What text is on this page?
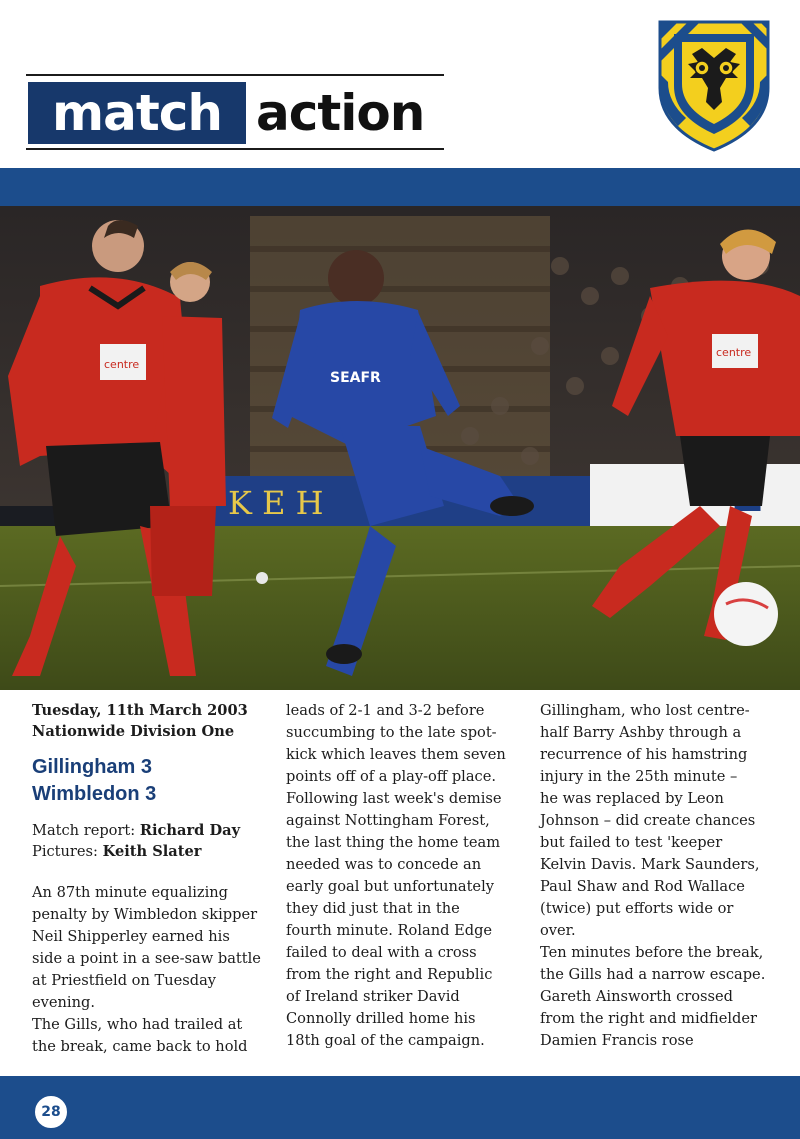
match action
K E H
centre
SEAFR
centre
Tuesday, 11th March 2003
Nationwide Division One
Gillingham 3
Wimbledon 3
Match report: Richard Day
Pictures: Keith Slater

An 87th minute equalizing

penalty by Wimbledon skipper

Neil Shipperley earned his

side a point in a see-saw battle

at Priestfield on Tuesday

evening.

The Gills, who had trailed at

the break, came back to hold

leads of 2-1 and 3-2 before

succumbing to the late spot-

kick which leaves them seven

points off of a play-off place.

Following last week's demise

against Nottingham Forest,

the last thing the home team

needed was to concede an

early goal but unfortunately

they did just that in the

fourth minute. Roland Edge

failed to deal with a cross

from the right and Republic

of Ireland striker David

Connolly drilled home his

18th goal of the campaign.

Gillingham, who lost centre-

half Barry Ashby through a

recurrence of his hamstring

injury in the 25th minute –

he was replaced by Leon

Johnson – did create chances

but failed to test 'keeper

Kelvin Davis. Mark Saunders,

Paul Shaw and Rod Wallace

(twice) put efforts wide or

over.

Ten minutes before the break,

the Gills had a narrow escape.

Gareth Ainsworth crossed

from the right and midfielder

Damien Francis rose

28
